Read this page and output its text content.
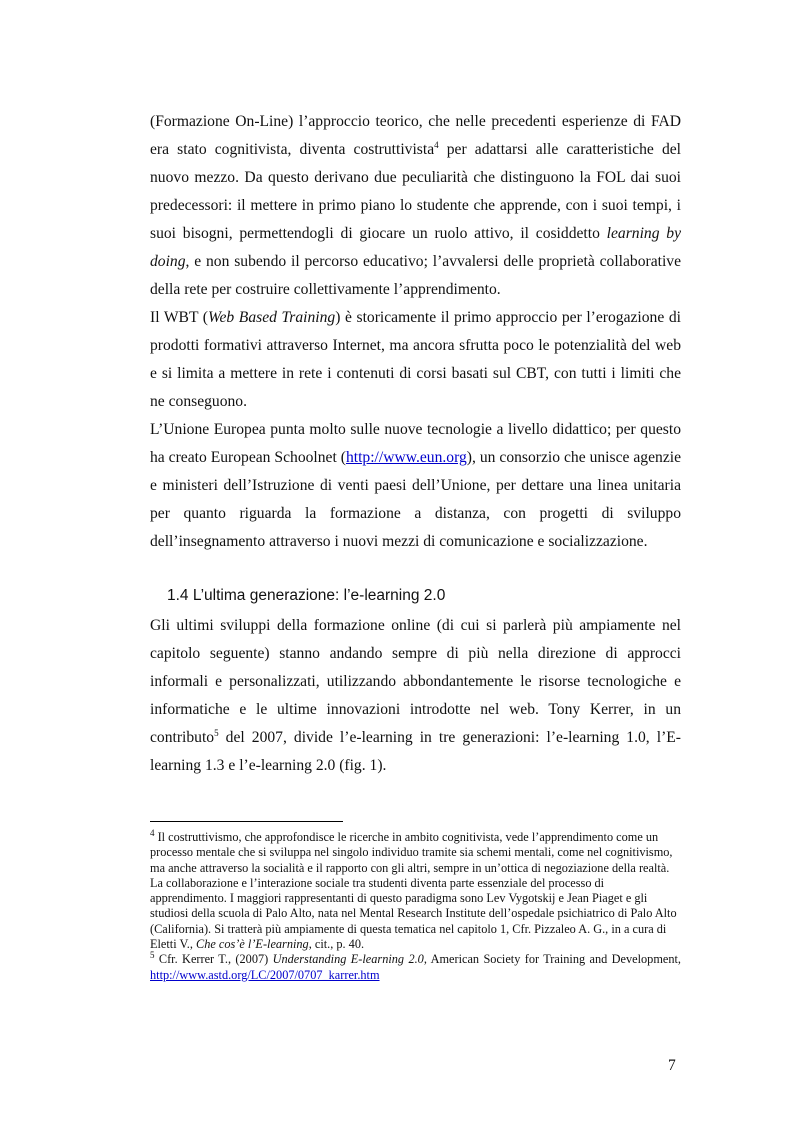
(Formazione On-Line) l’approccio teorico, che nelle precedenti esperienze di FAD era stato cognitivista, diventa costruttivista$^4$ per adattarsi alle caratteristiche del nuovo mezzo. Da questo derivano due peculiarità che distinguono la FOL dai suoi predecessori: il mettere in primo piano lo studente che apprende, con i suoi tempi, i suoi bisogni, permettendogli di giocare un ruolo attivo, il cosiddetto learning by doing, e non subendo il percorso educativo; l’avvalersi delle proprietà collaborative della rete per costruire collettivamente l’apprendimento.

Il WBT (Web Based Training) è storicamente il primo approccio per l’erogazione di prodotti formativi attraverso Internet, ma ancora sfrutta poco le potenzialità del web e si limita a mettere in rete i contenuti di corsi basati sul CBT, con tutti i limiti che ne conseguono.

L’Unione Europea punta molto sulle nuove tecnologie a livello didattico; per questo ha creato European Schoolnet (http://www.eun.org), un consorzio che unisce agenzie e ministeri dell’Istruzione di venti paesi dell’Unione, per dettare una linea unitaria per quanto riguarda la formazione a distanza, con progetti di sviluppo dell’insegnamento attraverso i nuovi mezzi di comunicazione e socializzazione.

1.4 L’ultima generazione: l’e-learning 2.0

Gli ultimi sviluppi della formazione online (di cui si parlerà più ampiamente nel capitolo seguente) stanno andando sempre di più nella direzione di approcci informali e personalizzati, utilizzando abbondantemente le risorse tecnologiche e informatiche e le ultime innovazioni introdotte nel web. Tony Kerrer, in un contributo$^5$ del 2007, divide l’e-learning in tre generazioni: l’e-learning 1.0, l’E-learning 1.3 e l’e-learning 2.0 (fig. 1).

$^4$ Il costruttivismo, che approfondisce le ricerche in ambito cognitivista, vede l’apprendimento come un processo mentale che si sviluppa nel singolo individuo tramite sia schemi mentali, come nel cognitivismo, ma anche attraverso la socialità e il rapporto con gli altri, sempre in un’ottica di negoziazione della realtà. La collaborazione e l’interazione sociale tra studenti diventa parte essenziale del processo di apprendimento. I maggiori rappresentanti di questo paradigma sono Lev Vygotskij e Jean Piaget e gli studiosi della scuola di Palo Alto, nata nel Mental Research Institute dell’ospedale psichiatrico di Palo Alto (California). Si tratterà più ampiamente di questa tematica nel capitolo 1, Cfr. Pizzaleo A. G., in a cura di Eletti V., Che cos’è l’E-learning, cit., p. 40.

$^5$ Cfr. Kerrer T., (2007) Understanding E-learning 2.0, American Society for Training and Development, http://www.astd.org/LC/2007/0707_karrer.htm

7
